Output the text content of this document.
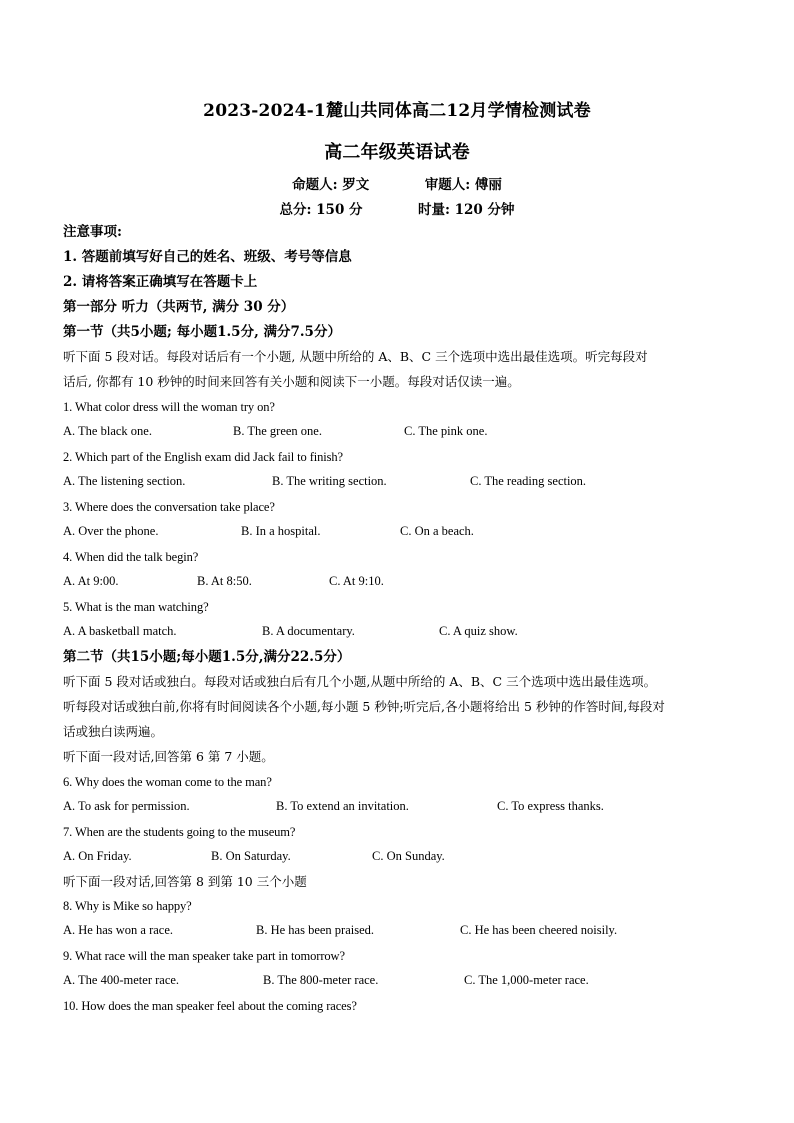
2023-2024-1麓山共同体高二12月学情检测试卷
高二年级英语试卷
命题人: 罗文	审题人: 傅丽
总分: 150 分	时量: 120 分钟
注意事项:
1. 答题前填写好自己的姓名、班级、考号等信息
2. 请将答案正确填写在答题卡上
第一部分 听力（共两节, 满分 30 分）
第一节（共5小题; 每小题1.5分, 满分7.5分）
听下面 5 段对话。每段对话后有一个小题, 从题中所给的 A、B、C 三个选项中选出最佳选项。听完每段对
话后, 你都有 10 秒钟的时间来回答有关小题和阅读下一小题。每段对话仅读一遍。
1. What color dress will the woman try on?
A. The black one.	B. The green one.	C. The pink one.
2. Which part of the English exam did Jack fail to finish?
A. The listening section.	B. The writing section.	C. The reading section.
3. Where does the conversation take place?
A. Over the phone.	B. In a hospital.	C. On a beach.
4. When did the talk begin?
A. At 9:00.	B. At 8:50.	C. At 9:10.
5. What is the man watching?
A. A basketball match.	B. A documentary.	C. A quiz show.
第二节（共15小题;每小题1.5分,满分22.5分）
听下面 5 段对话或独白。每段对话或独白后有几个小题,从题中所给的 A、B、C 三个选项中选出最佳选项。
听每段对话或独白前,你将有时间阅读各个小题,每小题 5 秒钟;听完后,各小题将给出 5 秒钟的作答时间,每段对
话或独白读两遍。
听下面一段对话,回答第 6 第 7 小题。
6. Why does the woman come to the man?
A. To ask for permission.	B. To extend an invitation.	C. To express thanks.
7. When are the students going to the museum?
A. On Friday.	B. On Saturday.	C. On Sunday.
听下面一段对话,回答第 8 到第 10 三个小题
8. Why is Mike so happy?
A. He has won a race.	B. He has been praised.	C. He has been cheered noisily.
9. What race will the man speaker take part in tomorrow?
A. The 400-meter race.	B. The 800-meter race.	C. The 1,000-meter race.
10. How does the man speaker feel about the coming races?
